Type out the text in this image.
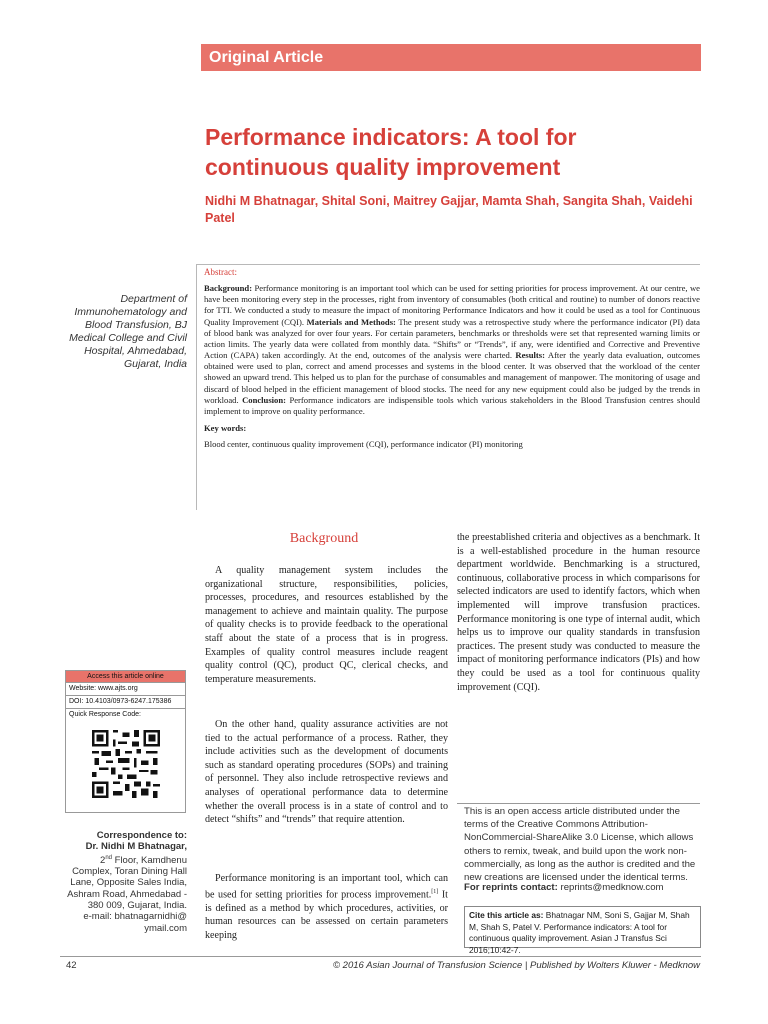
Original Article
Performance indicators: A tool for continuous quality improvement
Nidhi M Bhatnagar, Shital Soni, Maitrey Gajjar, Mamta Shah, Sangita Shah, Vaidehi Patel
Department of Immunohematology and Blood Transfusion, BJ Medical College and Civil Hospital, Ahmedabad, Gujarat, India
Abstract:
Background: Performance monitoring is an important tool which can be used for setting priorities for process improvement. At our centre, we have been monitoring every step in the processes, right from inventory of consumables (both critical and routine) to number of donors reactive for TTI. We conducted a study to measure the impact of monitoring Performance Indicators and how it could be used as a tool for Continuous Quality Improvement (CQI). Materials and Methods: The present study was a retrospective study where the performance indicator (PI) data of blood bank was analyzed for over four years. For certain parameters, benchmarks or thresholds were set that represented warning limits or action limits. The yearly data were collated from monthly data. “Shifts” or “Trends”, if any, were identified and Corrective and Preventive Action (CAPA) taken accordingly. At the end, outcomes of the analysis were charted. Results: After the yearly data evaluation, outcomes obtained were used to plan, correct and amend processes and systems in the blood center. It was observed that the workload of the center showed an upward trend. This helped us to plan for the purchase of consumables and management of manpower. The monitoring of usage and discard of blood helped in the efficient management of blood stocks. The need for any new equipment could also be judged by the trends in workload. Conclusion: Performance indicators are indispensible tools which various stakeholders in the Blood Transfusion centres should implement to improve on quality performance.
Key words:
Blood center, continuous quality improvement (CQI), performance indicator (PI) monitoring
Access this article online
Website: www.ajts.org
DOI: 10.4103/0973-6247.175386
Quick Response Code:
Correspondence to:
Dr. Nidhi M Bhatnagar,
2nd Floor, Kamdhenu Complex, Toran Dining Hall Lane, Opposite Sales India, Ashram Road, Ahmedabad - 380 009, Gujarat, India.
e-mail: bhatnagarnidhi@ ymail.com
Background

A quality management system includes the organizational structure, responsibilities, policies, processes, procedures, and resources established by the management to achieve and maintain quality. The purpose of quality checks is to provide feedback to the operational staff about the state of a process that is in progress. Examples of quality control measures include reagent quality control (QC), product QC, clerical checks, and temperature measurements.

On the other hand, quality assurance activities are not tied to the actual performance of a process. Rather, they include activities such as the development of documents such as standard operating procedures (SOPs) and training of personnel. They also include retrospective reviews and analyses of operational performance data to determine whether the overall process is in a state of control and to detect “shifts” and “trends” that require attention.

Performance monitoring is an important tool, which can be used for setting priorities for process improvement.[1] It is defined as a method by which procedures, activities, or human resources can be assessed on certain parameters keeping

the preestablished criteria and objectives as a benchmark. It is a well-established procedure in the human resource department worldwide. Benchmarking is a structured, continuous, collaborative process in which comparisons for selected indicators are used to identify factors, which when implemented will improve transfusion practices. Performance monitoring is one type of internal audit, which helps us to improve our quality standards in transfusion practices. The present study was conducted to measure the impact of monitoring performance indicators (PIs) and how they could be used as a tool for continuous quality improvement (CQI).

This is an open access article distributed under the terms of the Creative Commons Attribution-NonCommercial-ShareAlike 3.0 License, which allows others to remix, tweak, and build upon the work non-commercially, as long as the author is credited and the new creations are licensed under the identical terms.
For reprints contact: reprints@medknow.com
Cite this article as: Bhatnagar NM, Soni S, Gajjar M, Shah M, Shah S, Patel V. Performance indicators: A tool for continuous quality improvement. Asian J Transfus Sci 2016;10:42-7.
42	© 2016 Asian Journal of Transfusion Science | Published by Wolters Kluwer - Medknow
